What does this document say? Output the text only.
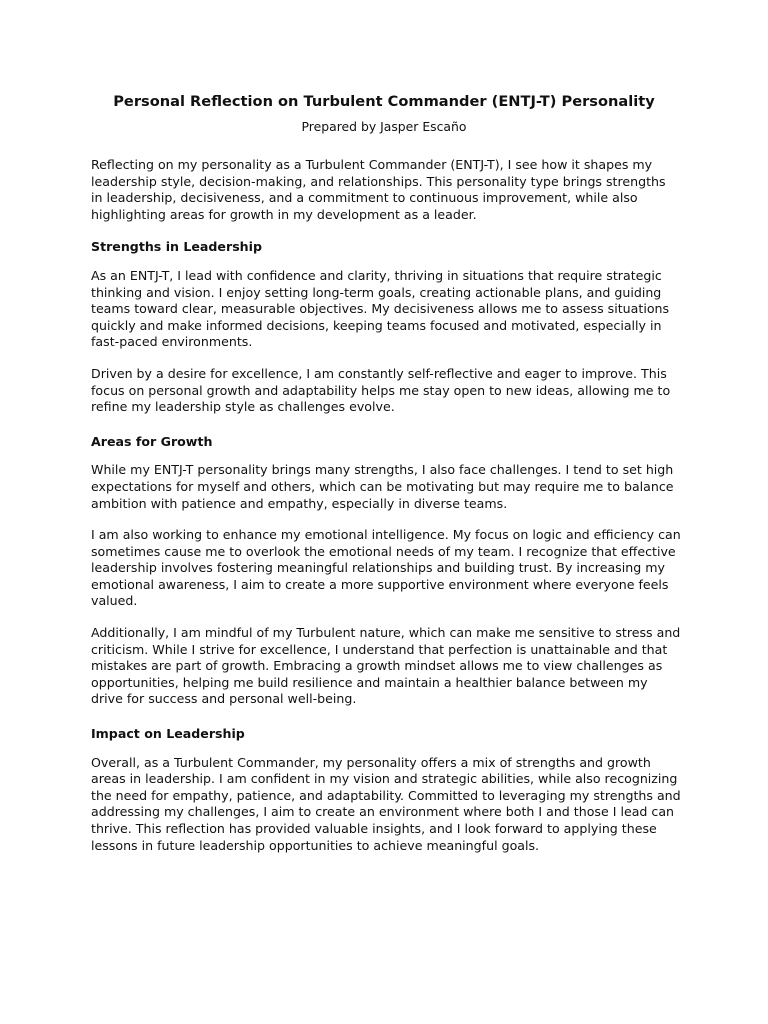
Personal Reflection on Turbulent Commander (ENTJ-T) Personality
Prepared by Jasper Escaño

Reflecting on my personality as a Turbulent Commander (ENTJ-T), I see how it shapes my leadership style, decision-making, and relationships. This personality type brings strengths in leadership, decisiveness, and a commitment to continuous improvement, while also highlighting areas for growth in my development as a leader.

Strengths in Leadership

As an ENTJ-T, I lead with confidence and clarity, thriving in situations that require strategic thinking and vision. I enjoy setting long-term goals, creating actionable plans, and guiding teams toward clear, measurable objectives. My decisiveness allows me to assess situations quickly and make informed decisions, keeping teams focused and motivated, especially in fast-paced environments.

Driven by a desire for excellence, I am constantly self-reflective and eager to improve. This focus on personal growth and adaptability helps me stay open to new ideas, allowing me to refine my leadership style as challenges evolve.

Areas for Growth

While my ENTJ-T personality brings many strengths, I also face challenges. I tend to set high expectations for myself and others, which can be motivating but may require me to balance ambition with patience and empathy, especially in diverse teams.

I am also working to enhance my emotional intelligence. My focus on logic and efficiency can sometimes cause me to overlook the emotional needs of my team. I recognize that effective leadership involves fostering meaningful relationships and building trust. By increasing my emotional awareness, I aim to create a more supportive environment where everyone feels valued.

Additionally, I am mindful of my Turbulent nature, which can make me sensitive to stress and criticism. While I strive for excellence, I understand that perfection is unattainable and that mistakes are part of growth. Embracing a growth mindset allows me to view challenges as opportunities, helping me build resilience and maintain a healthier balance between my drive for success and personal well-being.

Impact on Leadership

Overall, as a Turbulent Commander, my personality offers a mix of strengths and growth areas in leadership. I am confident in my vision and strategic abilities, while also recognizing the need for empathy, patience, and adaptability. Committed to leveraging my strengths and addressing my challenges, I aim to create an environment where both I and those I lead can thrive. This reflection has provided valuable insights, and I look forward to applying these lessons in future leadership opportunities to achieve meaningful goals.
